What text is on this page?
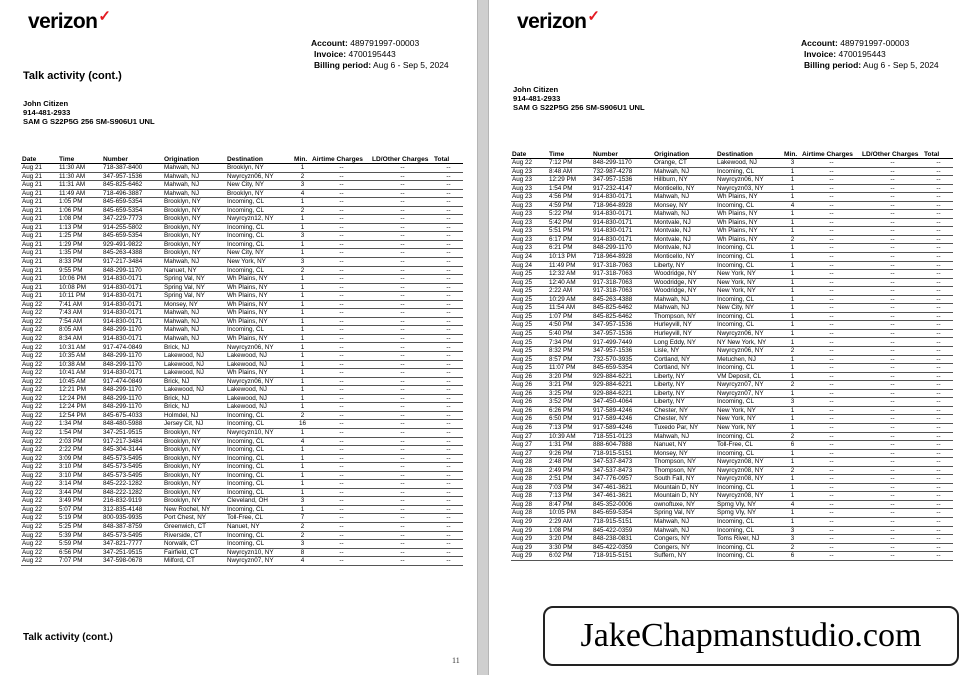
verizon✓
Account: 489791997-00003
Invoice: 4700195443
Billing period: Aug 6 - Sep 5, 2024
Talk activity (cont.)
John Citizen
914-481-2933
SAM G S22P5G 256 SM-S906U1 UNL
Date	Time	Number	Origination	Destination	Min.	Airtime Charges	LD/Other Charges	Total
Aug 21	11:30 AM	718-387-8400	Mahwah, NJ	Brooklyn, NY	1	--	--	--
Aug 21	11:30 AM	347-957-1536	Mahwah, NJ	Nwyrcyzn06, NY	2	--	--	--
Aug 21	11:31 AM	845-825-6462	Mahwah, NJ	New City, NY	3	--	--	--
Aug 21	11:49 AM	718-496-3887	Mahwah, NJ	Brooklyn, NY	4	--	--	--
Aug 21	1:05 PM	845-659-5354	Brooklyn, NY	Incoming, CL	1	--	--	--
Aug 21	1:06 PM	845-659-5354	Brooklyn, NY	Incoming, CL	2	--	--	--
Aug 21	1:08 PM	347-229-7773	Brooklyn, NY	Nwyrcyzn12, NY	1	--	--	--
Aug 21	1:13 PM	914-255-5802	Brooklyn, NY	Incoming, CL	1	--	--	--
Aug 21	1:25 PM	845-659-5354	Brooklyn, NY	Incoming, CL	3	--	--	--
Aug 21	1:29 PM	929-491-9822	Brooklyn, NY	Incoming, CL	1	--	--	--
Aug 21	1:35 PM	845-263-4388	Brooklyn, NY	New City, NY	1	--	--	--
Aug 21	8:33 PM	917-217-3484	Mahwah, NJ	New York, NY	3	--	--	--
Aug 21	9:55 PM	848-299-1170	Nanuet, NY	Incoming, CL	2	--	--	--
Aug 21	10:06 PM	914-830-0171	Spring Val, NY	Wh Plains, NY	1	--	--	--
Aug 21	10:08 PM	914-830-0171	Spring Val, NY	Wh Plains, NY	1	--	--	--
Aug 21	10:11 PM	914-830-0171	Spring Val, NY	Wh Plains, NY	1	--	--	--
Aug 22	7:41 AM	914-830-0171	Monsey, NY	Wh Plains, NY	1	--	--	--
Aug 22	7:43 AM	914-830-0171	Mahwah, NJ	Wh Plains, NY	1	--	--	--
Aug 22	7:54 AM	914-830-0171	Mahwah, NJ	Wh Plains, NY	1	--	--	--
Aug 22	8:05 AM	848-299-1170	Mahwah, NJ	Incoming, CL	1	--	--	--
Aug 22	8:34 AM	914-830-0171	Mahwah, NJ	Wh Plains, NY	1	--	--	--
Aug 22	10:31 AM	917-474-0849	Brick, NJ	Nwyrcyzn06, NY	1	--	--	--
Aug 22	10:35 AM	848-299-1170	Lakewood, NJ	Lakewood, NJ	1	--	--	--
Aug 22	10:38 AM	848-299-1170	Lakewood, NJ	Lakewood, NJ	1	--	--	--
Aug 22	10:41 AM	914-830-0171	Lakewood, NJ	Wh Plains, NY	1	--	--	--
Aug 22	10:45 AM	917-474-0849	Brick, NJ	Nwyrcyzn06, NY	1	--	--	--
Aug 22	12:21 PM	848-299-1170	Lakewood, NJ	Lakewood, NJ	1	--	--	--
Aug 22	12:24 PM	848-299-1170	Brick, NJ	Lakewood, NJ	1	--	--	--
Aug 22	12:24 PM	848-299-1170	Brick, NJ	Lakewood, NJ	1	--	--	--
Aug 22	12:54 PM	845-675-4033	Holmdel, NJ	Incoming, CL	2	--	--	--
Aug 22	1:34 PM	848-480-5988	Jersey Cit, NJ	Incoming, CL	16	--	--	--
Aug 22	1:54 PM	347-251-9515	Brooklyn, NY	Nwyrcyzn10, NY	1	--	--	--
Aug 22	2:03 PM	917-217-3484	Brooklyn, NY	Incoming, CL	4	--	--	--
Aug 22	2:22 PM	845-304-3144	Brooklyn, NY	Incoming, CL	1	--	--	--
Aug 22	3:09 PM	845-573-5495	Brooklyn, NY	Incoming, CL	1	--	--	--
Aug 22	3:10 PM	845-573-5495	Brooklyn, NY	Incoming, CL	1	--	--	--
Aug 22	3:10 PM	845-573-5495	Brooklyn, NY	Incoming, CL	1	--	--	--
Aug 22	3:14 PM	845-222-1282	Brooklyn, NY	Incoming, CL	1	--	--	--
Aug 22	3:44 PM	848-222-1282	Brooklyn, NY	Incoming, CL	1	--	--	--
Aug 22	3:49 PM	216-832-9119	Brooklyn, NY	Cleveland, OH	3	--	--	--
Aug 22	5:07 PM	312-835-4148	New Rochel, NY	Incoming, CL	1	--	--	--
Aug 22	5:19 PM	800-935-9935	Port Chest, NY	Toll-Free, CL	7	--	--	--
Aug 22	5:25 PM	848-387-8759	Greenwich, CT	Nanuet, NY	2	--	--	--
Aug 22	5:39 PM	845-573-5495	Riverside, CT	Incoming, CL	2	--	--	--
Aug 22	5:59 PM	347-821-7777	Norwalk, CT	Incoming, CL	3	--	--	--
Aug 22	6:56 PM	347-251-9515	Fairfield, CT	Nwyrcyzn10, NY	8	--	--	--
Aug 22	7:07 PM	347-598-0678	Milford, CT	Nwyrcyzn07, NY	4	--	--	--
Talk activity (cont.)
11
verizon✓
Account: 489791997-00003
Invoice: 4700195443
Billing period: Aug 6 - Sep 5, 2024
John Citizen
914-481-2933
SAM G S22P5G 256 SM-S906U1 UNL
Date	Time	Number	Origination	Destination	Min.	Airtime Charges	LD/Other Charges	Total
Aug 22	7:12 PM	848-299-1170	Orange, CT	Lakewood, NJ	3	--	--	--
Aug 23	8:48 AM	732-987-4278	Mahwah, NJ	Incoming, CL	1	--	--	--
Aug 23	12:29 PM	347-957-1536	Hillburn, NY	Nwyrcyzn06, NY	1	--	--	--
Aug 23	1:54 PM	917-232-4147	Monticello, NY	Nwyrcyzn03, NY	1	--	--	--
Aug 23	4:56 PM	914-830-0171	Mahwah, NJ	Wh Plains, NY	1	--	--	--
Aug 23	4:59 PM	718-964-8928	Monsey, NY	Incoming, CL	4	--	--	--
Aug 23	5:22 PM	914-830-0171	Mahwah, NJ	Wh Plains, NY	1	--	--	--
Aug 23	5:42 PM	914-830-0171	Montvale, NJ	Wh Plains, NY	1	--	--	--
Aug 23	5:51 PM	914-830-0171	Montvale, NJ	Wh Plains, NY	1	--	--	--
Aug 23	6:17 PM	914-830-0171	Montvale, NJ	Wh Plains, NY	2	--	--	--
Aug 23	6:21 PM	848-299-1170	Montvale, NJ	Incoming, CL	1	--	--	--
Aug 24	10:13 PM	718-964-8928	Monticello, NY	Incoming, CL	1	--	--	--
Aug 24	11:49 PM	917-318-7063	Liberty, NY	Incoming, CL	1	--	--	--
Aug 25	12:32 AM	917-318-7063	Woodridge, NY	New York, NY	1	--	--	--
Aug 25	12:40 AM	917-318-7063	Woodridge, NY	New York, NY	1	--	--	--
Aug 25	2:22 AM	917-318-7063	Woodridge, NY	New York, NY	1	--	--	--
Aug 25	10:29 AM	845-263-4388	Mahwah, NJ	Incoming, CL	1	--	--	--
Aug 25	11:54 AM	845-825-6462	Mahwah, NJ	New City, NY	1	--	--	--
Aug 25	1:07 PM	845-825-6462	Thompson, NY	Incoming, CL	1	--	--	--
Aug 25	4:50 PM	347-957-1536	Hurleyvill, NY	Incoming, CL	1	--	--	--
Aug 25	5:40 PM	347-957-1536	Hurleyvill, NY	Nwyrcyzn06, NY	1	--	--	--
Aug 25	7:34 PM	917-499-7449	Long Eddy, NY	NY New York, NY	1	--	--	--
Aug 25	8:32 PM	347-957-1536	Lisle, NY	Nwyrcyzn06, NY	2	--	--	--
Aug 25	8:57 PM	732-570-3935	Cortland, NY	Metuchen, NJ	1	--	--	--
Aug 25	11:07 PM	845-659-5354	Cortland, NY	Incoming, CL	1	--	--	--
Aug 26	3:20 PM	929-884-6221	Liberty, NY	VM Deposit, CL	1	--	--	--
Aug 26	3:21 PM	929-884-6221	Liberty, NY	Nwyrcyzn07, NY	2	--	--	--
Aug 26	3:25 PM	929-884-6221	Liberty, NY	Nwyrcyzn07, NY	1	--	--	--
Aug 26	3:52 PM	347-450-4064	Liberty, NY	Incoming, CL	3	--	--	--
Aug 26	6:26 PM	917-589-4246	Chester, NY	New York, NY	1	--	--	--
Aug 26	6:50 PM	917-589-4246	Chester, NY	New York, NY	1	--	--	--
Aug 26	7:13 PM	917-589-4246	Tuxedo Par, NY	New York, NY	1	--	--	--
Aug 27	10:39 AM	718-551-0123	Mahwah, NJ	Incoming, CL	2	--	--	--
Aug 27	1:31 PM	888-604-7888	Nanuet, NY	Toll-Free, CL	6	--	--	--
Aug 27	9:26 PM	718-915-5151	Monsey, NY	Incoming, CL	1	--	--	--
Aug 28	2:48 PM	347-537-8473	Thompson, NY	Nwyrcyzn08, NY	1	--	--	--
Aug 28	2:49 PM	347-537-8473	Thompson, NY	Nwyrcyzn08, NY	2	--	--	--
Aug 28	2:51 PM	347-776-0957	South Fall, NY	Nwyrcyzn08, NY	1	--	--	--
Aug 28	7:03 PM	347-461-3621	Mountain D, NY	Incoming, CL	1	--	--	--
Aug 28	7:13 PM	347-461-3621	Mountain D, NY	Nwyrcyzn08, NY	1	--	--	--
Aug 28	8:47 PM	845-352-0006	ownoftuxe, NY	Sprng Vly, NY	4	--	--	--
Aug 28	10:05 PM	845-659-5354	Spring Val, NY	Sprng Vly, NY	1	--	--	--
Aug 29	2:29 AM	718-915-5151	Mahwah, NJ	Incoming, CL	1	--	--	--
Aug 29	1:08 PM	845-422-0359	Mahwah, NJ	Incoming, CL	3	--	--	--
Aug 29	3:20 PM	848-238-0831	Congers, NY	Toms River, NJ	3	--	--	--
Aug 29	3:30 PM	845-422-0359	Congers, NY	Incoming, CL	2	--	--	--
Aug 29	6:02 PM	718-915-5151	Suffern, NY	Incoming, CL	6	--	--	--
JakeChapmanstudio.com
